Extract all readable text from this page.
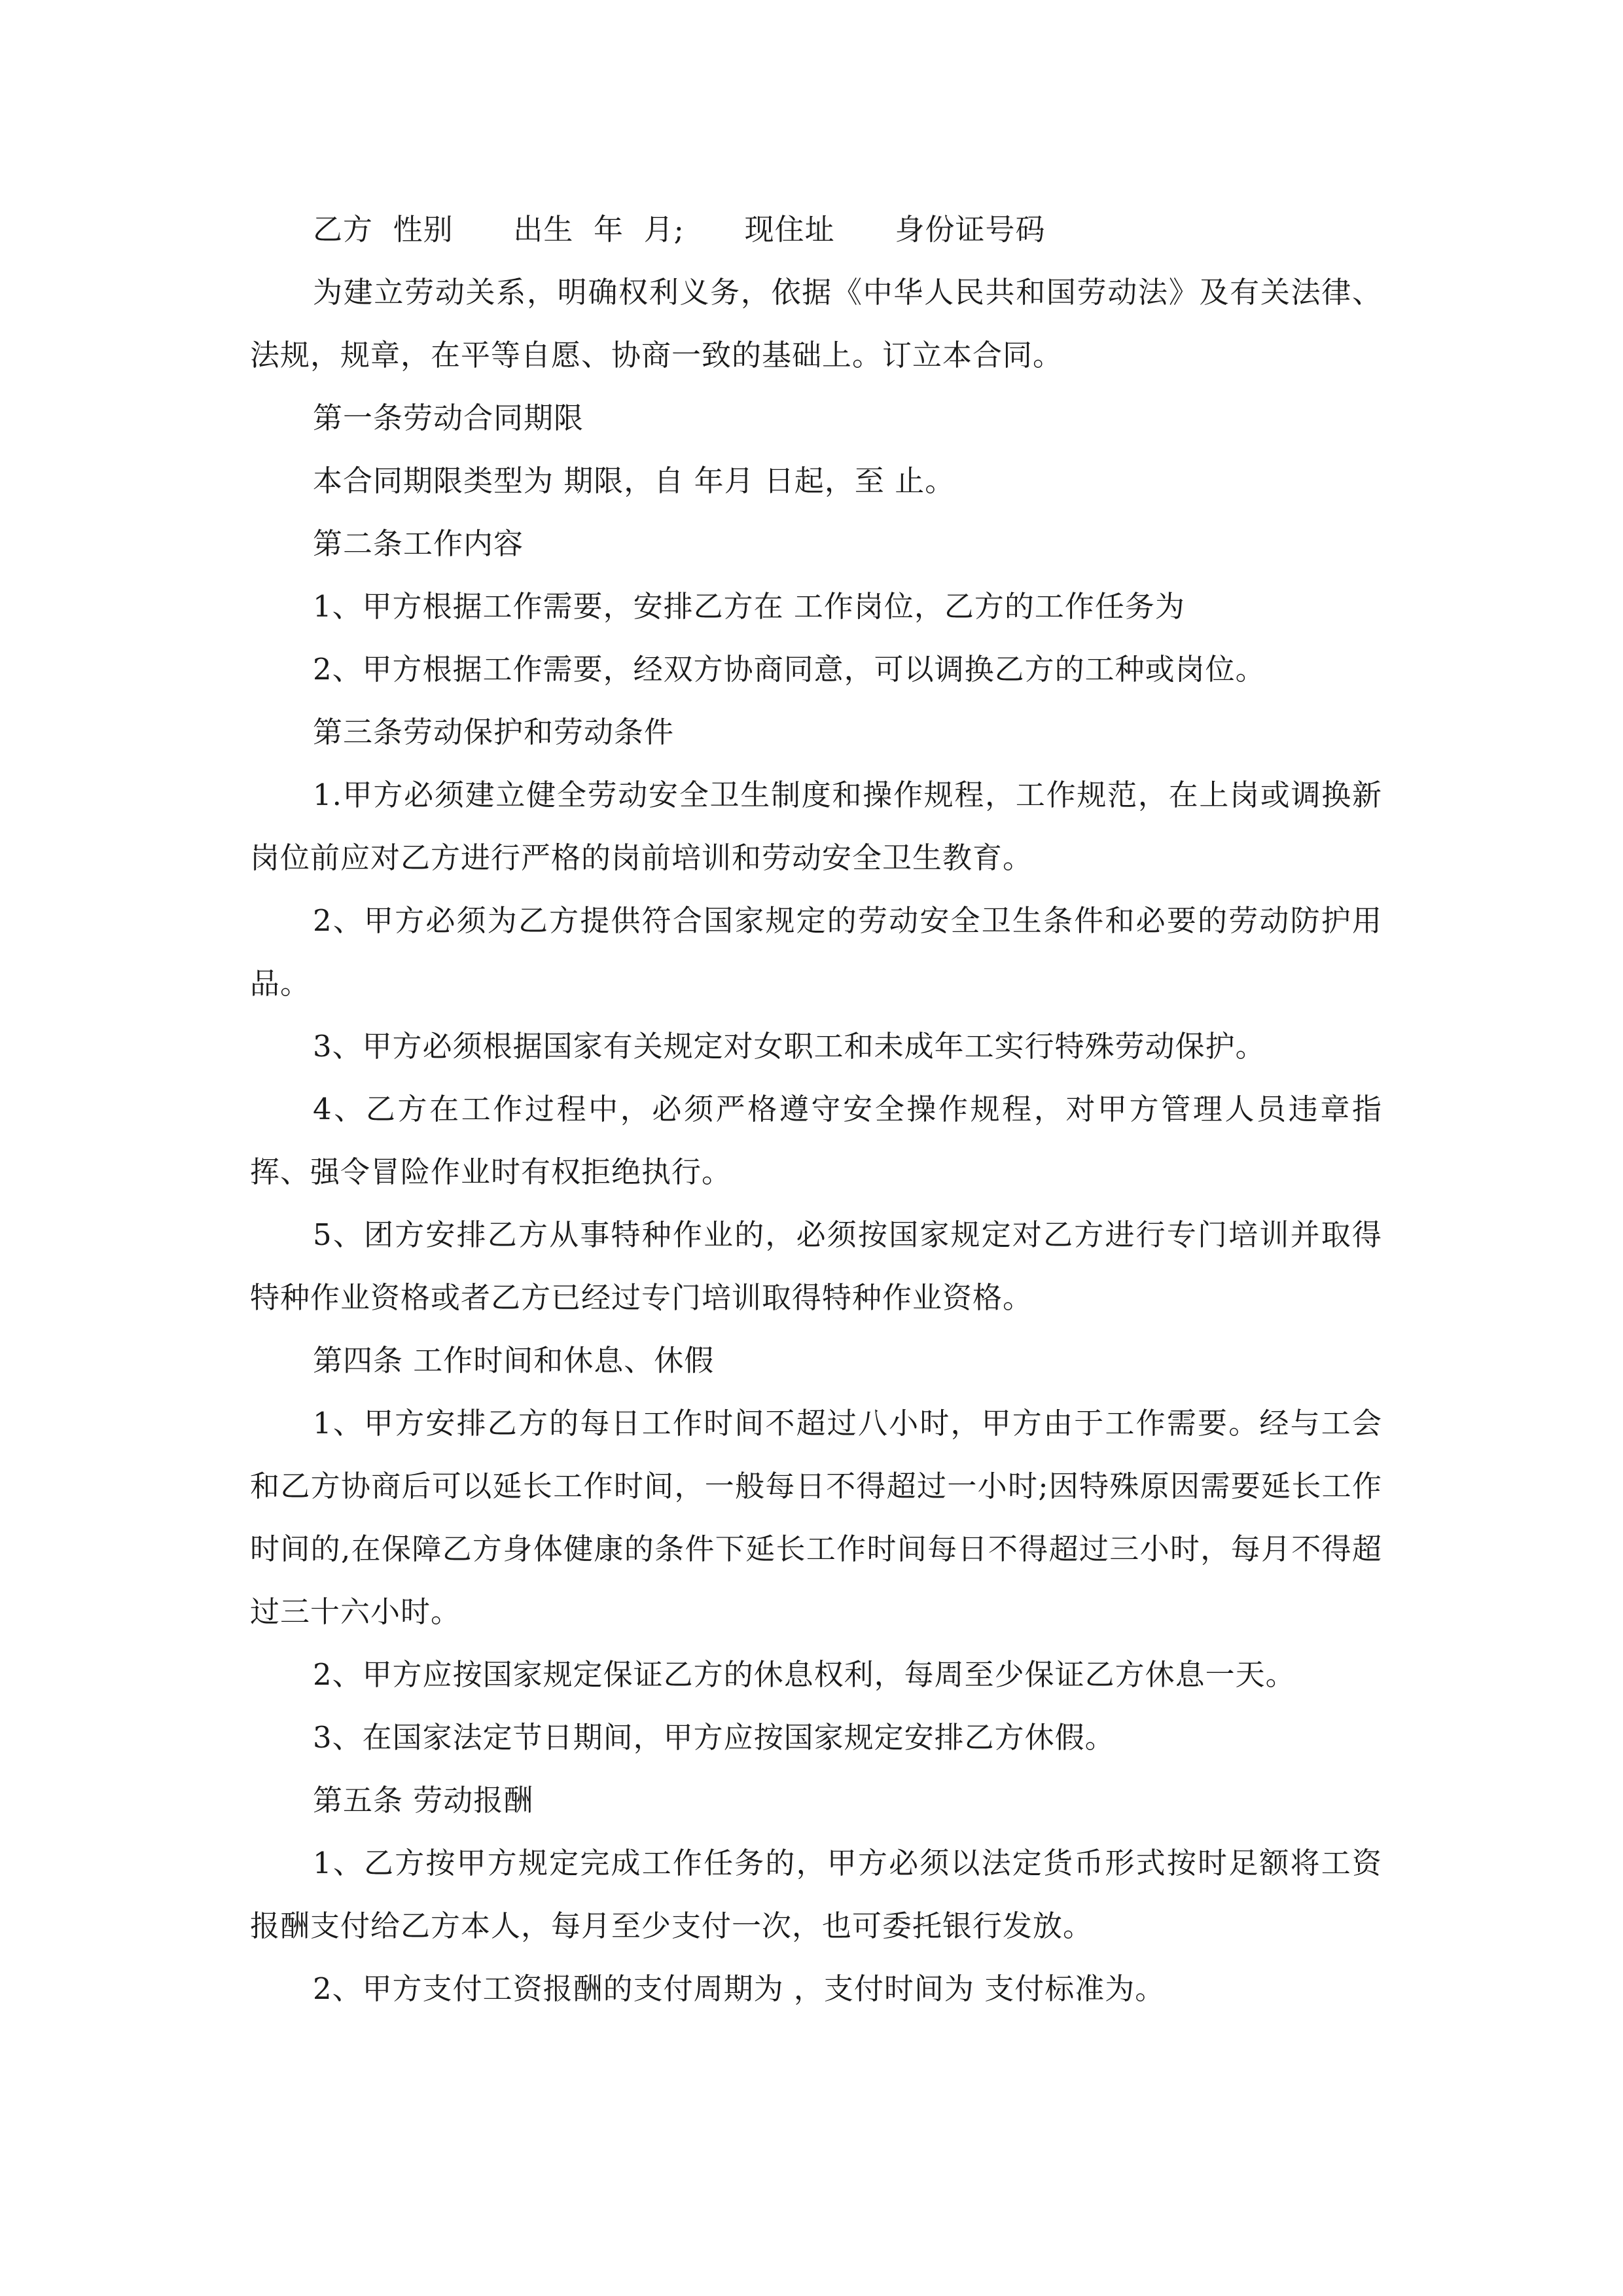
乙方  性别      出生  年  月;      现住址      身份证号码

为建立劳动关系，明确权利义务，依据《中华人民共和国劳动法》及有关法律、法规，规章，在平等自愿、协商一致的基础上。订立本合同。

第一条劳动合同期限

本合同期限类型为 期限，自 年月 日起，至 止。

第二条工作内容

1、甲方根据工作需要，安排乙方在 工作岗位，乙方的工作任务为

2、甲方根据工作需要，经双方协商同意，可以调换乙方的工种或岗位。

第三条劳动保护和劳动条件

1.甲方必须建立健全劳动安全卫生制度和操作规程，工作规范，在上岗或调换新岗位前应对乙方进行严格的岗前培训和劳动安全卫生教育。

2、甲方必须为乙方提供符合国家规定的劳动安全卫生条件和必要的劳动防护用品。

3、甲方必须根据国家有关规定对女职工和未成年工实行特殊劳动保护。

4、乙方在工作过程中，必须严格遵守安全操作规程，对甲方管理人员违章指挥、强令冒险作业时有权拒绝执行。

5、团方安排乙方从事特种作业的，必须按国家规定对乙方进行专门培训并取得特种作业资格或者乙方已经过专门培训取得特种作业资格。

第四条 工作时间和休息、休假

1、甲方安排乙方的每日工作时间不超过八小时，甲方由于工作需要。经与工会和乙方协商后可以延长工作时间，一般每日不得超过一小时;因特殊原因需要延长工作时间的,在保障乙方身体健康的条件下延长工作时间每日不得超过三小时，每月不得超过三十六小时。

2、甲方应按国家规定保证乙方的休息权利，每周至少保证乙方休息一天。

3、在国家法定节日期间，甲方应按国家规定安排乙方休假。

第五条 劳动报酬

1、乙方按甲方规定完成工作任务的，甲方必须以法定货币形式按时足额将工资报酬支付给乙方本人，每月至少支付一次，也可委托银行发放。

2、甲方支付工资报酬的支付周期为 ，支付时间为 支付标准为。
